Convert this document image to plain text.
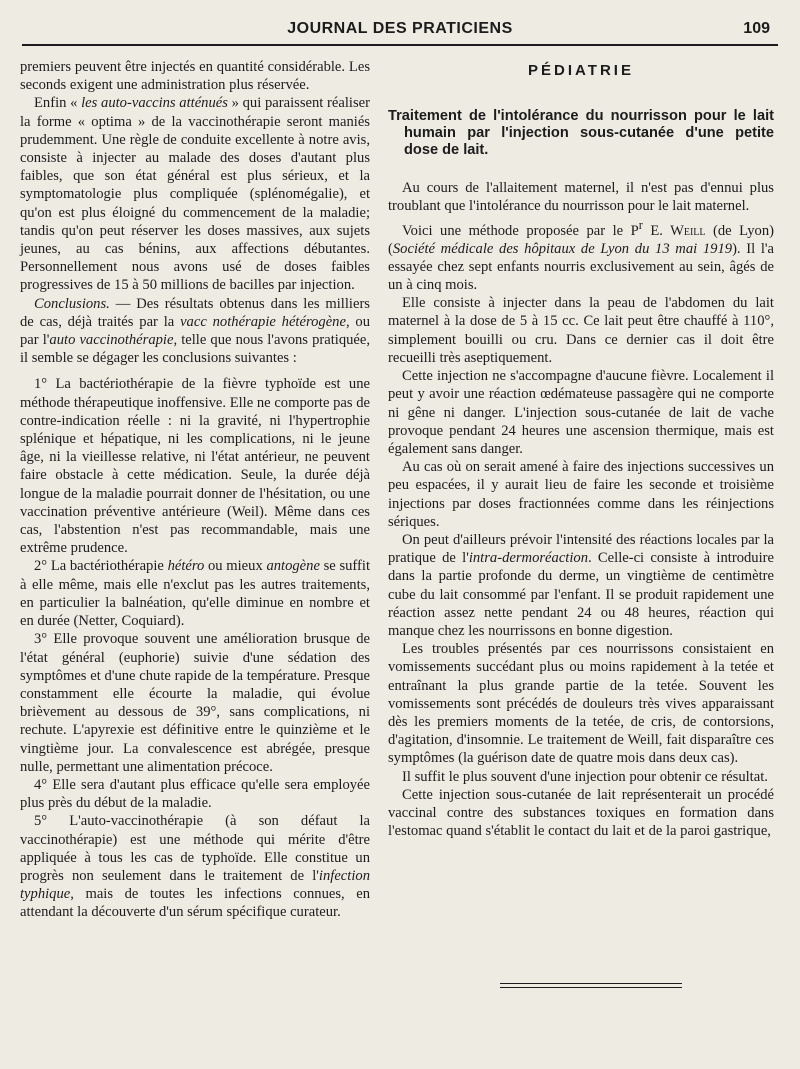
JOURNAL DES PRATICIENS	109

premiers peuvent être injectés en quantité considérable. Les seconds exigent une administration plus réservée.

Enfin « les auto-vaccins atténués » qui paraissent réaliser la forme « optima » de la vaccinothérapie seront maniés prudemment. Une règle de conduite excellente à notre avis, consiste à injecter au malade des doses d'autant plus faibles, que son état général est plus sérieux, et la symptomatologie plus compliquée (splénomégalie), et qu'on est plus éloigné du commencement de la maladie; tandis qu'on peut réserver les doses massives, aux sujets jeunes, au cas bénins, aux affections débutantes. Personnellement nous avons usé de doses faibles progressives de 15 à 50 millions de bacilles par injection.

Conclusions. — Des résultats obtenus dans les milliers de cas, déjà traités par la vacc nothérapie hétérogène, ou par l'auto vaccinothérapie, telle que nous l'avons pratiquée, il semble se dégager les conclusions suivantes :

1° La bactériothérapie de la fièvre typhoïde est une méthode thérapeutique inoffensive. Elle ne comporte pas de contre-indication réelle : ni la gravité, ni l'hypertrophie splénique et hépatique, ni les complications, ni le jeune âge, ni la vieillesse relative, ni l'état antérieur, ne peuvent faire obstacle à cette médication. Seule, la durée déjà longue de la maladie pourrait donner de l'hésitation, ou une vaccination préventive antérieure (Weil). Même dans ces cas, l'abstention n'est pas recommandable, mais une extrême prudence.

2° La bactériothérapie hétéro ou mieux antogène se suffit à elle même, mais elle n'exclut pas les autres traitements, en particulier la balnéation, qu'elle diminue en nombre et en durée (Netter, Coquiard).

3° Elle provoque souvent une amélioration brusque de l'état général (euphorie) suivie d'une sédation des symptômes et d'une chute rapide de la température. Presque constamment elle écourte la maladie, qui évolue brièvement au dessous de 39°, sans complications, ni rechute. L'apyrexie est définitive entre le quinzième et le vingtième jour. La convalescence est abrégée, presque nulle, permettant une alimentation précoce.

4° Elle sera d'autant plus efficace qu'elle sera employée plus près du début de la maladie.

5° L'auto-vaccinothérapie (à son défaut la vaccinothérapie) est une méthode qui mérite d'être appliquée à tous les cas de typhoïde. Elle constitue un progrès non seulement dans le traitement de l'infection typhique, mais de toutes les infections connues, en attendant la découverte d'un sérum spécifique curateur.

PÉDIATRIE
Traitement de l'intolérance du nourrisson pour le lait humain par l'injection sous-cutanée d'une petite dose de lait.

Au cours de l'allaitement maternel, il n'est pas d'ennui plus troublant que l'intolérance du nourrisson pour le lait maternel.

Voici une méthode proposée par le $P^r$ E. Weill (de Lyon) (Société médicale des hôpitaux de Lyon du 13 mai 1919). Il l'a essayée chez sept enfants nourris exclusivement au sein, âgés de un à cinq mois.

Elle consiste à injecter dans la peau de l'abdomen du lait maternel à la dose de 5 à 15 cc. Ce lait peut être chauffé à 110°, simplement bouilli ou cru. Dans ce dernier cas il doit être recueilli très aseptiquement.

Cette injection ne s'accompagne d'aucune fièvre. Localement il peut y avoir une réaction œdémateuse passagère qui ne comporte ni gêne ni danger. L'injection sous-cutanée de lait de vache provoque pendant 24 heures une ascension thermique, mais est également sans danger.

Au cas où on serait amené à faire des injections successives un peu espacées, il y aurait lieu de faire les seconde et troisième injections par doses fractionnées comme dans les réinjections sériques.

On peut d'ailleurs prévoir l'intensité des réactions locales par la pratique de l'intra-dermoréaction. Celle-ci consiste à introduire dans la partie profonde du derme, un vingtième de centimètre cube du lait consommé par l'enfant. Il se produit rapidement une réaction assez nette pendant 24 ou 48 heures, réaction qui manque chez les nourrissons en bonne digestion.

Les troubles présentés par ces nourrissons consistaient en vomissements succédant plus ou moins rapidement à la tetée et entraînant la plus grande partie de la tetée. Souvent les vomissements sont précédés de douleurs très vives apparaissant dès les premiers moments de la tetée, de cris, de contorsions, d'agitation, d'insomnie. Le traitement de Weill, fait disparaître ces symptômes (la guérison date de quatre mois dans deux cas).

Il suffit le plus souvent d'une injection pour obtenir ce résultat.

Cette injection sous-cutanée de lait représenterait un procédé vaccinal contre des substances toxiques en formation dans l'estomac quand s'établit le contact du lait et de la paroi gastrique,
